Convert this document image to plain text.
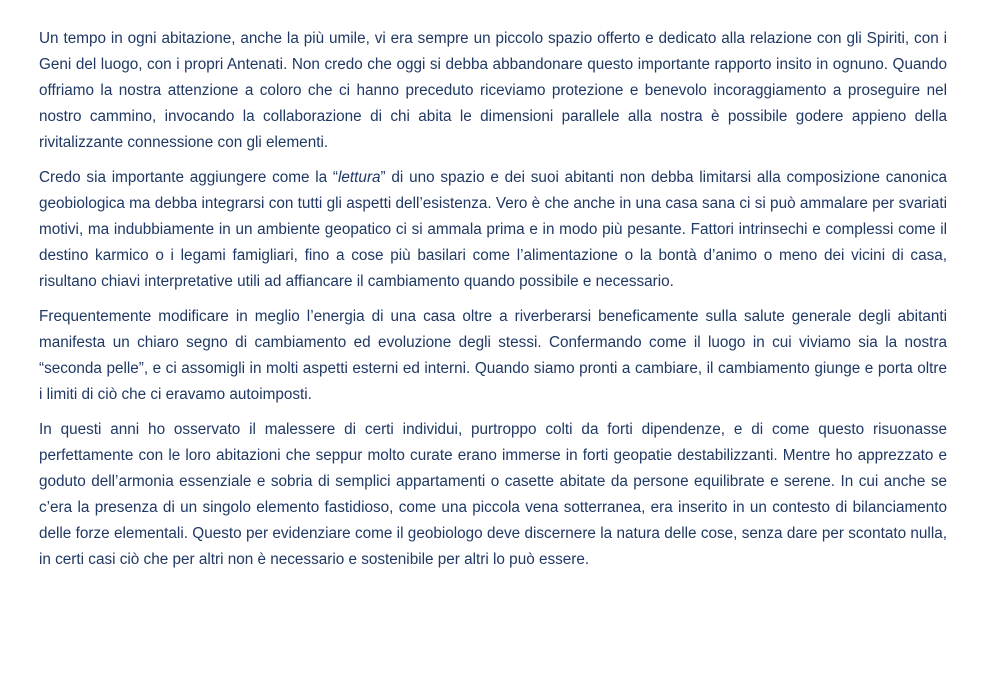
Un tempo in ogni abitazione, anche la più umile, vi era sempre un piccolo spazio offerto e dedicato alla relazione con gli Spiriti, con i Geni del luogo, con i propri Antenati. Non credo che oggi si debba abbandonare questo importante rapporto insito in ognuno. Quando offriamo la nostra attenzione a coloro che ci hanno preceduto riceviamo protezione e benevolo incoraggiamento a proseguire nel nostro cammino, invocando la collaborazione di chi abita le dimensioni parallele alla nostra è possibile godere appieno della rivitalizzante connessione con gli elementi.

Credo sia importante aggiungere come la “lettura” di uno spazio e dei suoi abitanti non debba limitarsi alla composizione canonica geobiologica ma debba integrarsi con tutti gli aspetti dell’esistenza. Vero è che anche in una casa sana ci si può ammalare per svariati motivi, ma indubbiamente in un ambiente geopatico ci si ammala prima e in modo più pesante. Fattori intrinsechi e complessi come il destino karmico o i legami famigliari, fino a cose più basilari come l’alimentazione o la bontà d’animo o meno dei vicini di casa, risultano chiavi interpretative utili ad affiancare il cambiamento quando possibile e necessario.

Frequentemente modificare in meglio l’energia di una casa oltre a riverberarsi beneficamente sulla salute generale degli abitanti manifesta un chiaro segno di cambiamento ed evoluzione degli stessi. Confermando come il luogo in cui viviamo sia la nostra “seconda pelle”, e ci assomigli in molti aspetti esterni ed interni. Quando siamo pronti a cambiare, il cambiamento giunge e porta oltre i limiti di ciò che ci eravamo autoimposti.

In questi anni ho osservato il malessere di certi individui, purtroppo colti da forti dipendenze, e di come questo risuonasse perfettamente con le loro abitazioni che seppur molto curate erano immerse in forti geopatie destabilizzanti. Mentre ho apprezzato e goduto dell’armonia essenziale e sobria di semplici appartamenti o casette abitate da persone equilibrate e serene. In cui anche se c’era la presenza di un singolo elemento fastidioso, come una piccola vena sotterranea, era inserito in un contesto di bilanciamento delle forze elementali. Questo per evidenziare come il geobiologo deve discernere la natura delle cose, senza dare per scontato nulla, in certi casi ciò che per altri non è necessario e sostenibile per altri lo può essere.
